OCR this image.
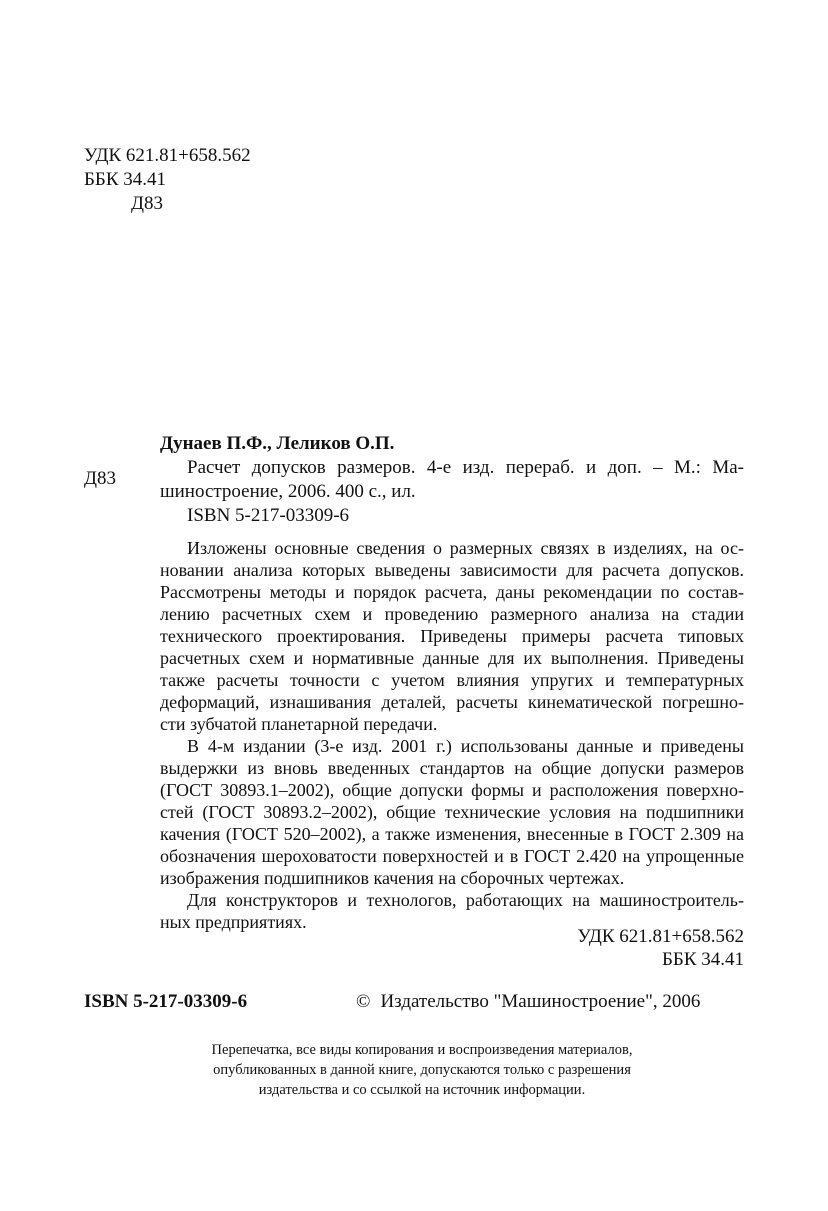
УДК 621.81+658.562
ББК 34.41
Д83
Д83
Дунаев П.Ф., Леликов О.П.
Расчет допусков размеров. 4-е изд. перераб. и доп. – М.: Ма-
шиностроение, 2006. 400 с., ил.
ISBN 5-217-03309-6
Изложены основные сведения о размерных связях в изделиях, на ос-
новании анализа которых выведены зависимости для расчета допусков.
Рассмотрены методы и порядок расчета, даны рекомендации по состав-
лению расчетных схем и проведению размерного анализа на стадии
технического проектирования. Приведены примеры расчета типовых
расчетных схем и нормативные данные для их выполнения. Приведены
также расчеты точности с учетом влияния упругих и температурных
деформаций, изнашивания деталей, расчеты кинематической погрешно-
сти зубчатой планетарной передачи.
В 4-м издании (3-е изд. 2001 г.) использованы данные и приведены
выдержки из вновь введенных стандартов на общие допуски размеров
(ГОСТ 30893.1–2002), общие допуски формы и расположения поверхно-
стей (ГОСТ 30893.2–2002), общие технические условия на подшипники
качения (ГОСТ 520–2002), а также изменения, внесенные в ГОСТ 2.309 на
обозначения шероховатости поверхностей и в ГОСТ 2.420 на упрощенные
изображения подшипников качения на сборочных чертежах.
Для конструкторов и технологов, работающих на машиностроитель-
ных предприятиях.
УДК 621.81+658.562
ББК 34.41
ISBN 5-217-03309-6	© Издательство "Машиностроение", 2006
Перепечатка, все виды копирования и воспроизведения материалов,
опубликованных в данной книге, допускаются только с разрешения
издательства и со ссылкой на источник информации.
